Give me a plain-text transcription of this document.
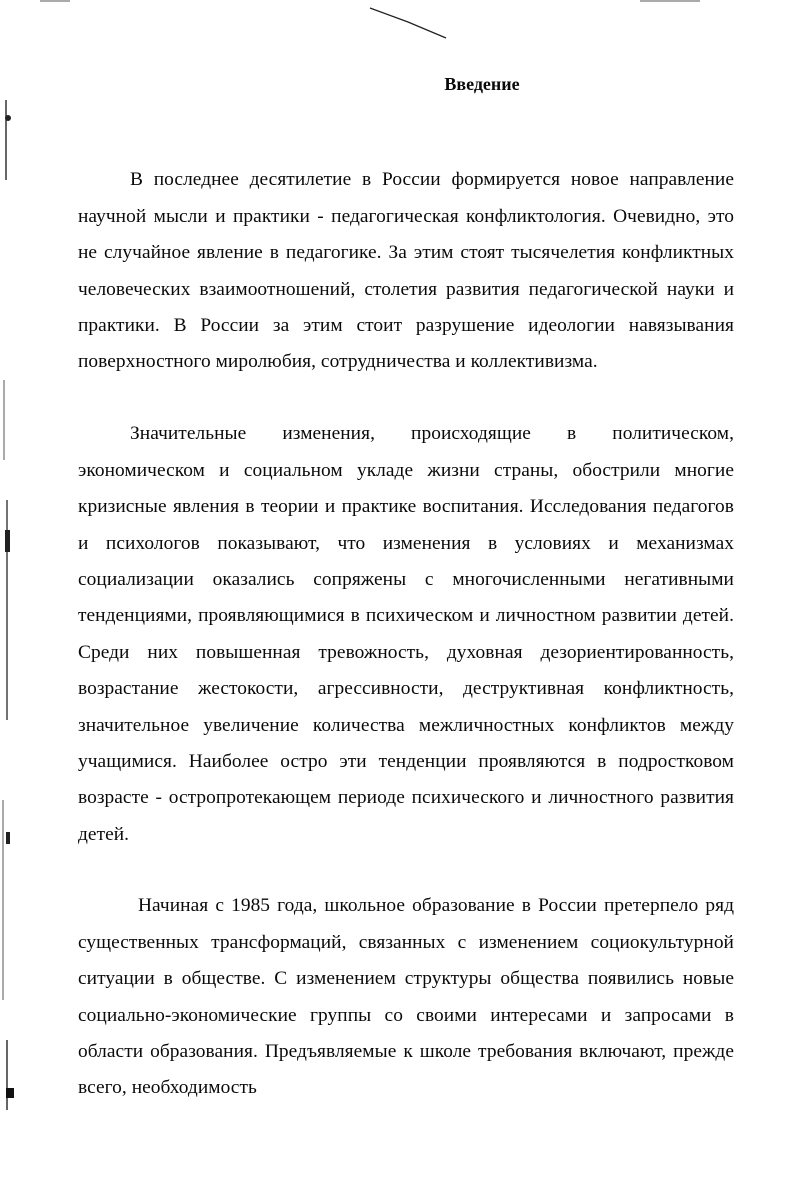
Введение

В последнее десятилетие в России формируется новое направление научной мысли и практики - педагогическая конфликтология. Очевидно, это не случайное явление в педагогике. За этим стоят тысячелетия конфликтных человеческих взаимоотношений, столетия развития педагогической науки и практики. В России за этим стоит разрушение идеологии навязывания поверхностного миролюбия, сотрудничества и коллективизма.

Значительные изменения, происходящие в политическом, экономическом и социальном укладе жизни страны, обострили многие кризисные явления в теории и практике воспитания. Исследования педагогов и психологов показывают, что изменения в условиях и механизмах социализации оказались сопряжены с многочисленными негативными тенденциями, проявляющимися в психическом и личностном развитии детей. Среди них повышенная тревожность, духовная дезориентированность, возрастание жестокости, агрессивности, деструктивная конфликтность, значительное увеличение количества межличностных конфликтов между учащимися. Наиболее остро эти тенденции проявляются в подростковом возрасте - остропротекающем периоде психического и личностного развития детей.

Начиная с 1985 года, школьное образование в России претерпело ряд существенных трансформаций, связанных с изменением социокультурной ситуации в обществе. С изменением структуры общества появились новые социально-экономические группы со своими интересами и запросами в области образования. Предъявляемые к школе требования включают, прежде всего, необходимость
